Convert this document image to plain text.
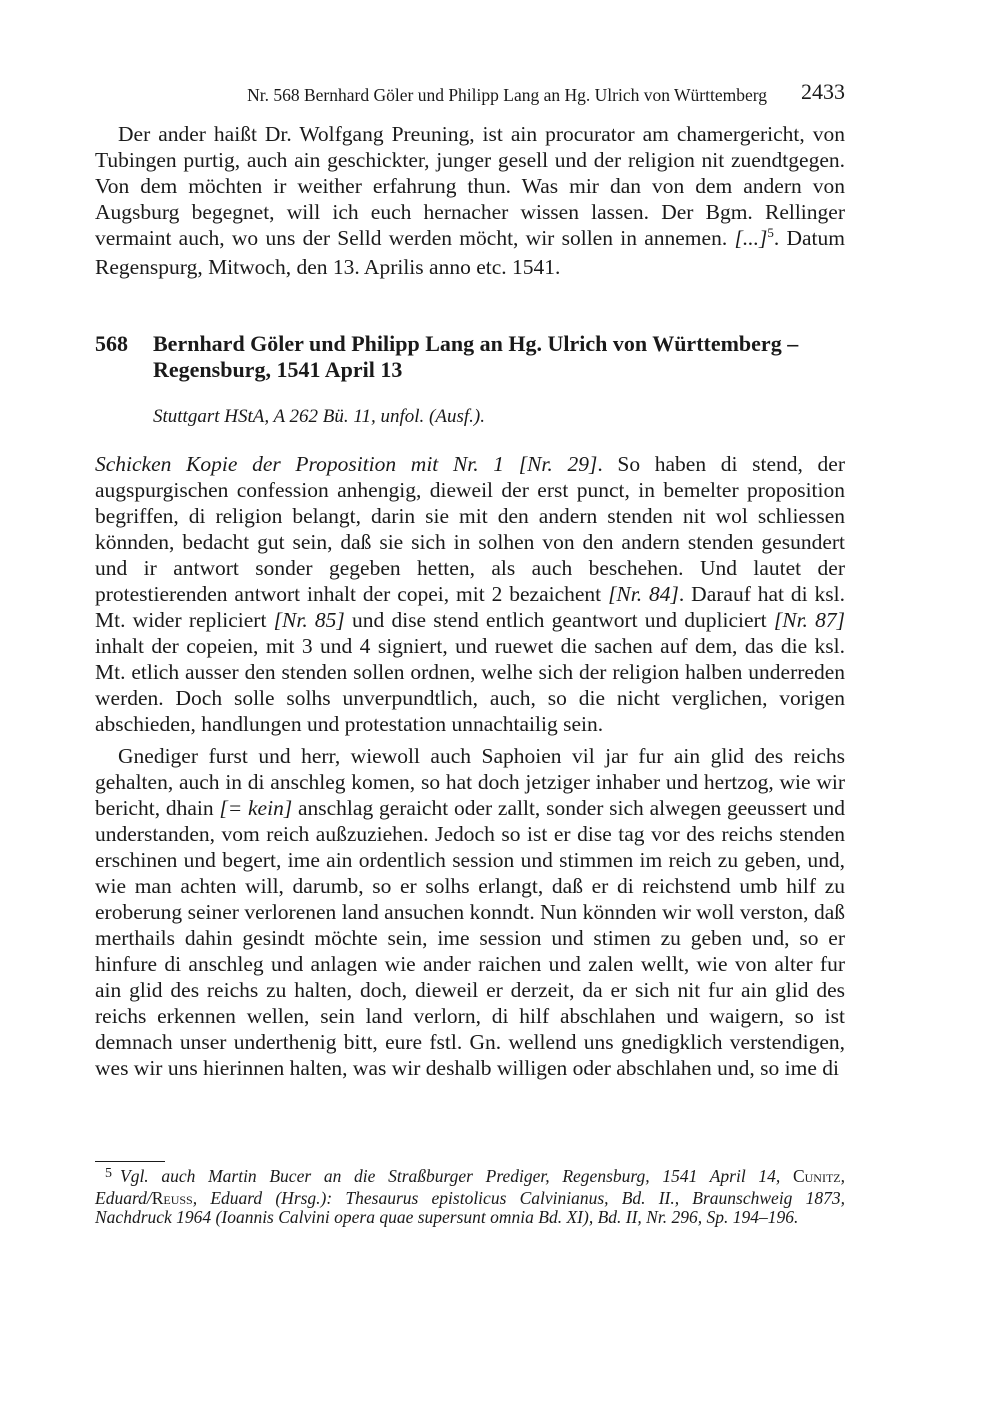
Nr. 568 Bernhard Göler und Philipp Lang an Hg. Ulrich von Württemberg 2433

Der ander haißt Dr. Wolfgang Preuning, ist ain procurator am chamergericht, von Tubingen purtig, auch ain geschickter, junger gesell und der religion nit zuendtgegen. Von dem möchten ir weither erfahrung thun. Was mir dan von dem andern von Augsburg begegnet, will ich euch hernacher wissen lassen. Der Bgm. Rellinger vermaint auch, wo uns der Selld werden möcht, wir sollen in annemen. [...]$^5$. Datum Regenspurg, Mitwoch, den 13. Aprilis anno etc. 1541.

568 Bernhard Göler und Philipp Lang an Hg. Ulrich von Württemberg – Regensburg, 1541 April 13
Stuttgart HStA, A 262 Bü. 11, unfol. (Ausf.).

Schicken Kopie der Proposition mit Nr. 1 [Nr. 29]. So haben di stend, der augspurgischen confession anhengig, dieweil der erst punct, in bemelter proposition begriffen, di religion belangt, darin sie mit den andern stenden nit wol schliessen könnden, bedacht gut sein, daß sie sich in solhen von den andern stenden gesundert und ir antwort sonder gegeben hetten, als auch beschehen. Und lautet der protestierenden antwort inhalt der copei, mit 2 bezaichent [Nr. 84]. Darauf hat di ksl. Mt. wider repliciert [Nr. 85] und dise stend entlich geantwort und dupliciert [Nr. 87] inhalt der copeien, mit 3 und 4 signiert, und ruewet die sachen auf dem, das die ksl. Mt. etlich ausser den stenden sollen ordnen, welhe sich der religion halben underreden werden. Doch solle solhs unverpundtlich, auch, so die nicht verglichen, vorigen abschieden, handlungen und protestation unnachtailig sein.

Gnediger furst und herr, wiewoll auch Saphoien vil jar fur ain glid des reichs gehalten, auch in di anschleg komen, so hat doch jetziger inhaber und hertzog, wie wir bericht, dhain [= kein] anschlag geraicht oder zallt, sonder sich alwegen geeussert und understanden, vom reich außzuziehen. Jedoch so ist er dise tag vor des reichs stenden erschinen und begert, ime ain ordentlich session und stimmen im reich zu geben, und, wie man achten will, darumb, so er solhs erlangt, daß er di reichstend umb hilf zu eroberung seiner verlorenen land ansuchen konndt. Nun könnden wir woll verston, daß merthails dahin gesindt möchte sein, ime session und stimen zu geben und, so er hinfure di anschleg und anlagen wie ander raichen und zalen wellt, wie von alter fur ain glid des reichs zu halten, doch, dieweil er derzeit, da er sich nit fur ain glid des reichs erkennen wellen, sein land verlorn, di hilf abschlahen und waigern, so ist demnach unser underthenig bitt, eure fstl. Gn. wellend uns gnedigklich verstendigen, wes wir uns hierinnen halten, was wir deshalb willigen oder abschlahen und, so ime di

$^5$ Vgl. auch Martin Bucer an die Straßburger Prediger, Regensburg, 1541 April 14, Cunitz, Eduard/Reuss, Eduard (Hrsg.): Thesaurus epistolicus Calvinianus, Bd. II., Braunschweig 1873, Nachdruck 1964 (Ioannis Calvini opera quae supersunt omnia Bd. XI), Bd. II, Nr. 296, Sp. 194–196.
